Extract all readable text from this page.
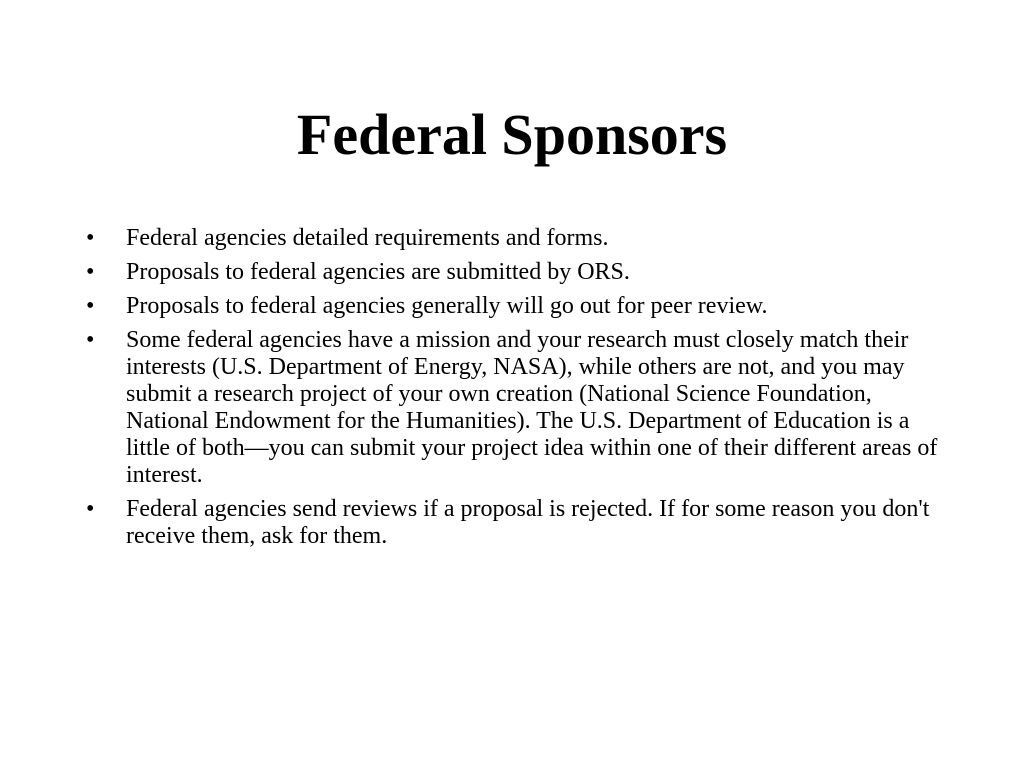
Federal Sponsors
• Federal agencies detailed requirements and forms.
• Proposals to federal agencies are submitted by ORS.
• Proposals to federal agencies generally will go out for peer review.
• Some federal agencies have a mission and your research must closely match their interests (U.S. Department of Energy, NASA), while others are not, and you may submit a research project of your own creation (National Science Foundation, National Endowment for the Humanities). The U.S. Department of Education is a little of both—you can submit your project idea within one of their different areas of interest.
• Federal agencies send reviews if a proposal is rejected. If for some reason you don't receive them, ask for them.
